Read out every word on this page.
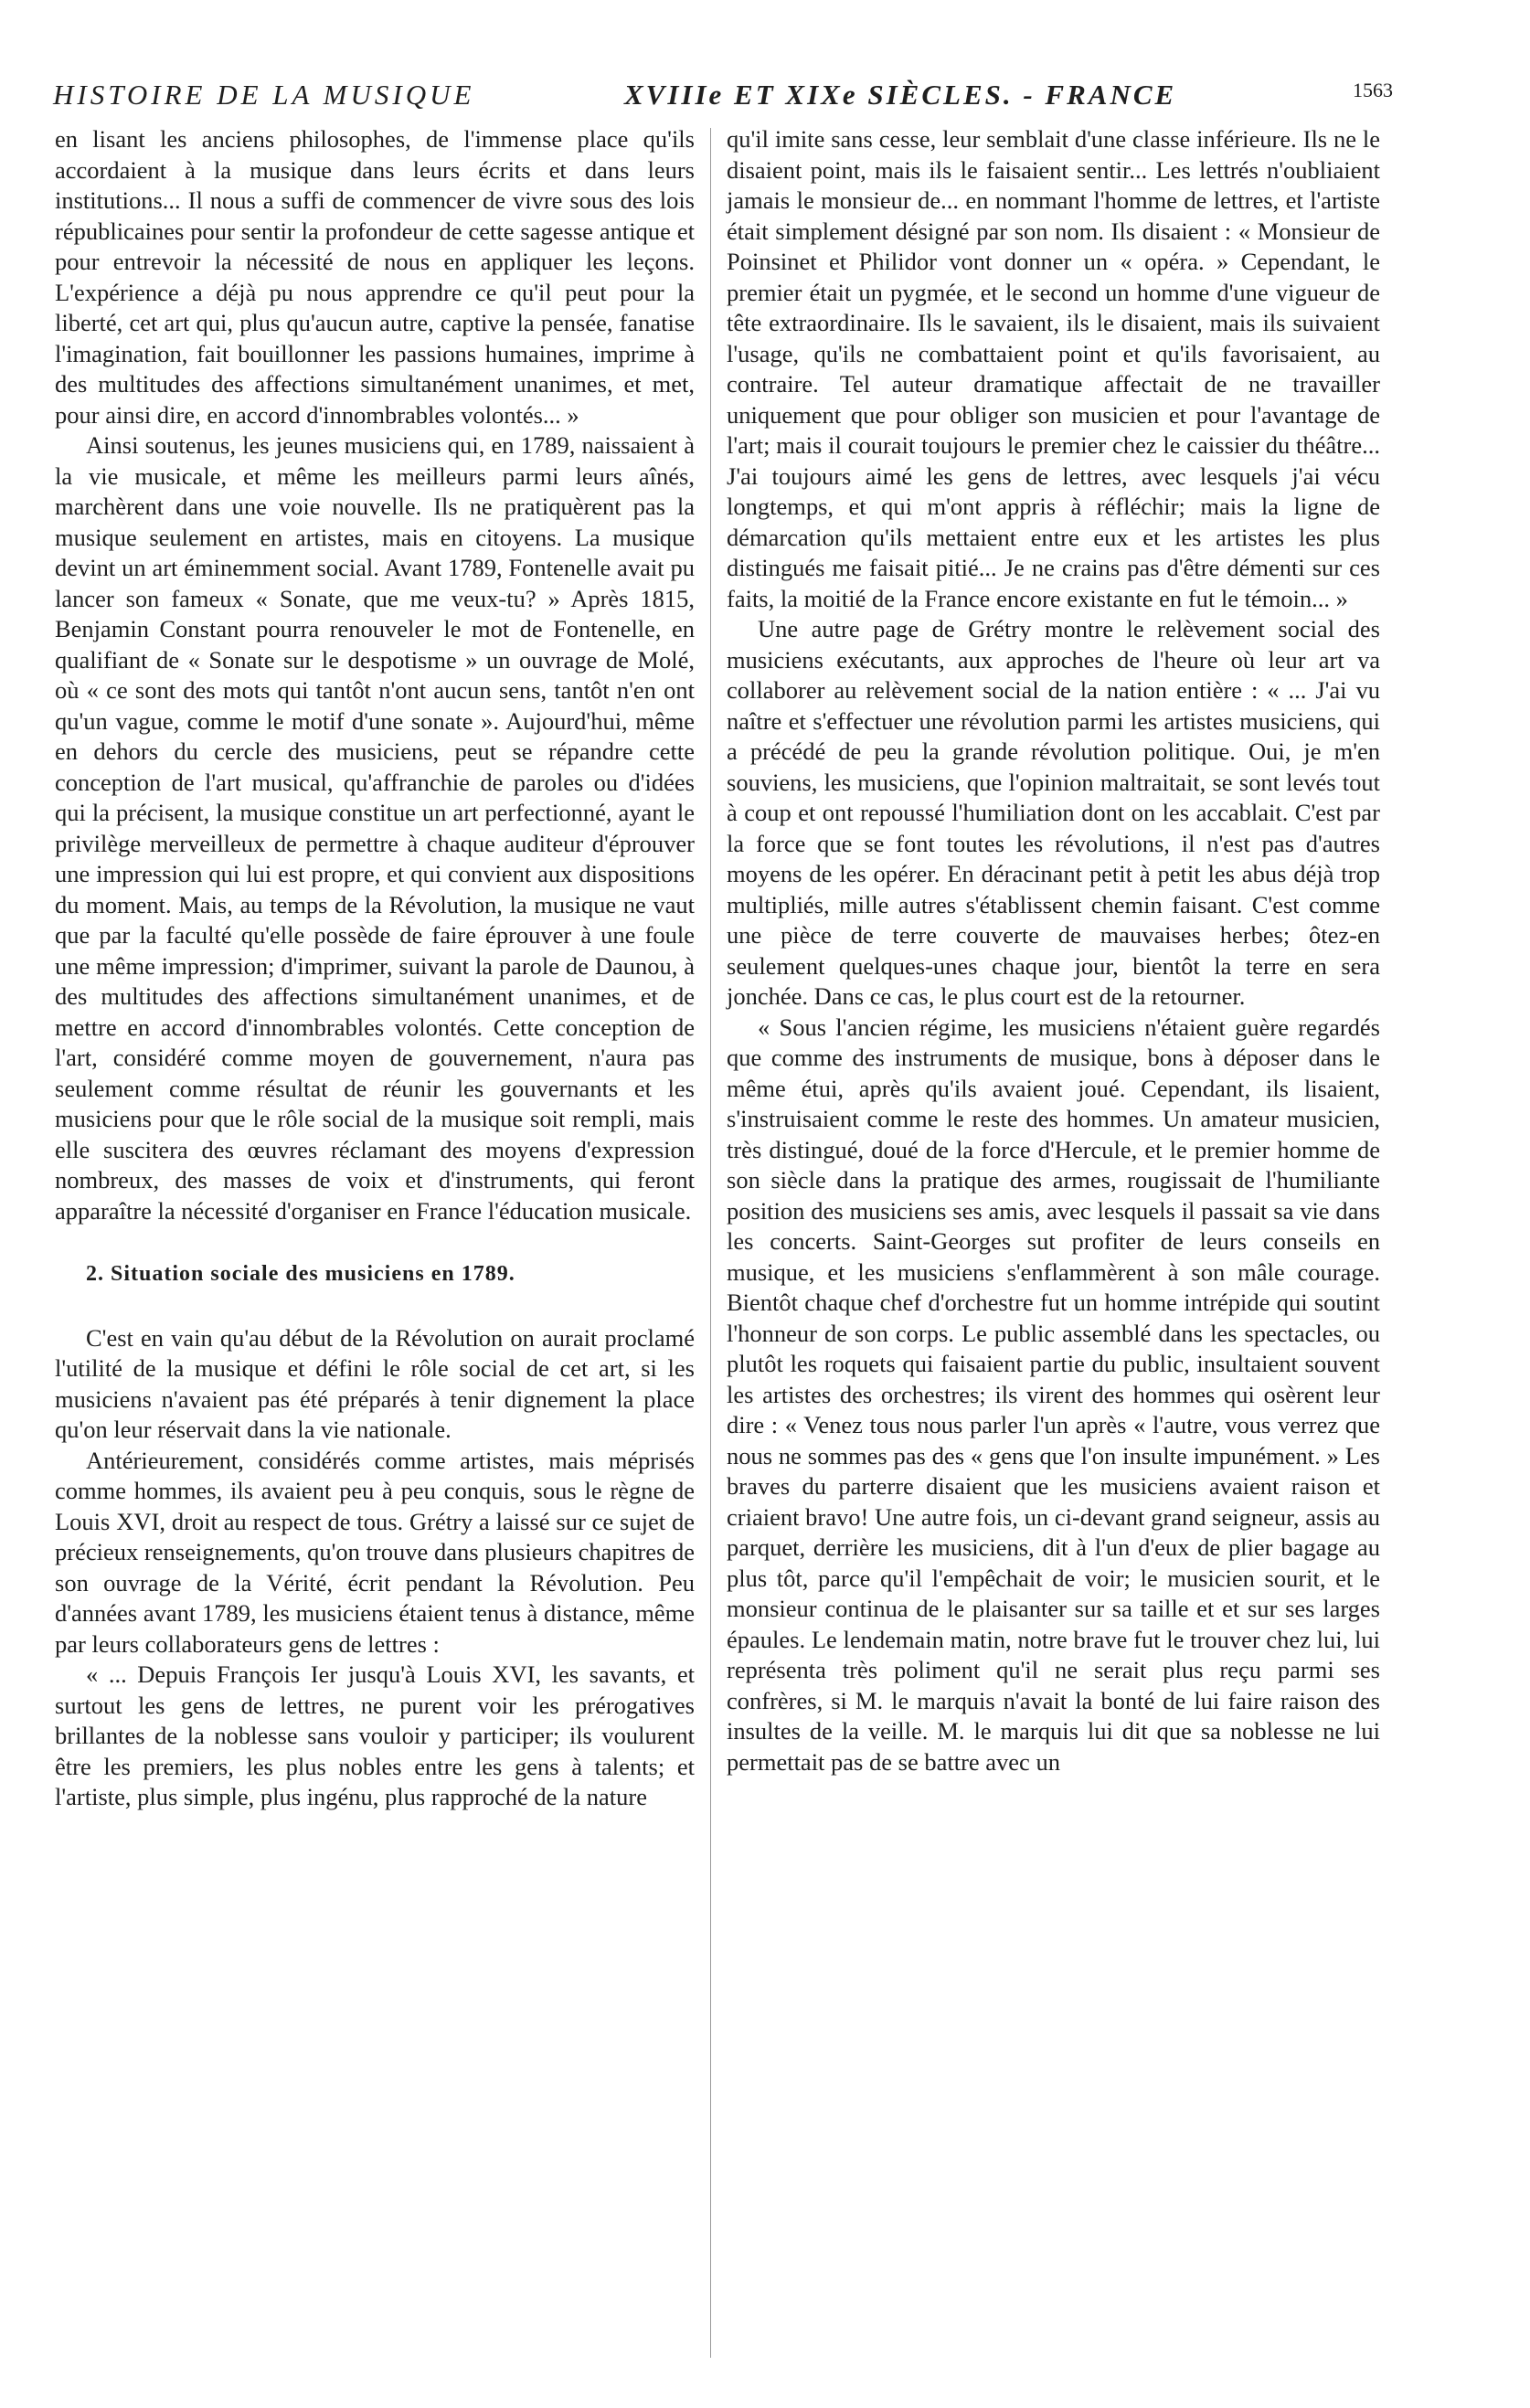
HISTOIRE DE LA MUSIQUE	XVIIIe ET XIXe SIÈCLES. - FRANCE	1563

en lisant les anciens philosophes, de l'immense place qu'ils accordaient à la musique dans leurs écrits et dans leurs institutions... Il nous a suffi de commencer de vivre sous des lois républicaines pour sentir la profondeur de cette sagesse antique et pour entrevoir la nécessité de nous en appliquer les leçons. L'expérience a déjà pu nous apprendre ce qu'il peut pour la liberté, cet art qui, plus qu'aucun autre, captive la pensée, fanatise l'imagination, fait bouillonner les passions humaines, imprime à des multitudes des affections simultanément unanimes, et met, pour ainsi dire, en accord d'innombrables volontés... »

Ainsi soutenus, les jeunes musiciens qui, en 1789, naissaient à la vie musicale, et même les meilleurs parmi leurs aînés, marchèrent dans une voie nouvelle. Ils ne pratiquèrent pas la musique seulement en artistes, mais en citoyens. La musique devint un art éminemment social. Avant 1789, Fontenelle avait pu lancer son fameux « Sonate, que me veux-tu? » Après 1815, Benjamin Constant pourra renouveler le mot de Fontenelle, en qualifiant de « Sonate sur le despotisme » un ouvrage de Molé, où « ce sont des mots qui tantôt n'ont aucun sens, tantôt n'en ont qu'un vague, comme le motif d'une sonate ». Aujourd'hui, même en dehors du cercle des musiciens, peut se répandre cette conception de l'art musical, qu'affranchie de paroles ou d'idées qui la précisent, la musique constitue un art perfectionné, ayant le privilège merveilleux de permettre à chaque auditeur d'éprouver une impression qui lui est propre, et qui convient aux dispositions du moment. Mais, au temps de la Révolution, la musique ne vaut que par la faculté qu'elle possède de faire éprouver à une foule une même impression; d'imprimer, suivant la parole de Daunou, à des multitudes des affections simultanément unanimes, et de mettre en accord d'innombrables volontés. Cette conception de l'art, considéré comme moyen de gouvernement, n'aura pas seulement comme résultat de réunir les gouvernants et les musiciens pour que le rôle social de la musique soit rempli, mais elle suscitera des œuvres réclamant des moyens d'expression nombreux, des masses de voix et d'instruments, qui feront apparaître la nécessité d'organiser en France l'éducation musicale.

2. Situation sociale des musiciens en 1789.

C'est en vain qu'au début de la Révolution on aurait proclamé l'utilité de la musique et défini le rôle social de cet art, si les musiciens n'avaient pas été préparés à tenir dignement la place qu'on leur réservait dans la vie nationale.

Antérieurement, considérés comme artistes, mais méprisés comme hommes, ils avaient peu à peu conquis, sous le règne de Louis XVI, droit au respect de tous. Grétry a laissé sur ce sujet de précieux renseignements, qu'on trouve dans plusieurs chapitres de son ouvrage de la Vérité, écrit pendant la Révolution. Peu d'années avant 1789, les musiciens étaient tenus à distance, même par leurs collaborateurs gens de lettres :

« ... Depuis François Ier jusqu'à Louis XVI, les savants, et surtout les gens de lettres, ne purent voir les prérogatives brillantes de la noblesse sans vouloir y participer; ils voulurent être les premiers, les plus nobles entre les gens à talents; et l'artiste, plus simple, plus ingénu, plus rapproché de la nature

qu'il imite sans cesse, leur semblait d'une classe inférieure. Ils ne le disaient point, mais ils le faisaient sentir... Les lettrés n'oubliaient jamais le monsieur de... en nommant l'homme de lettres, et l'artiste était simplement désigné par son nom. Ils disaient : « Monsieur de Poinsinet et Philidor vont donner un « opéra. » Cependant, le premier était un pygmée, et le second un homme d'une vigueur de tête extraordinaire. Ils le savaient, ils le disaient, mais ils suivaient l'usage, qu'ils ne combattaient point et qu'ils favorisaient, au contraire. Tel auteur dramatique affectait de ne travailler uniquement que pour obliger son musicien et pour l'avantage de l'art; mais il courait toujours le premier chez le caissier du théâtre... J'ai toujours aimé les gens de lettres, avec lesquels j'ai vécu longtemps, et qui m'ont appris à réfléchir; mais la ligne de démarcation qu'ils mettaient entre eux et les artistes les plus distingués me faisait pitié... Je ne crains pas d'être démenti sur ces faits, la moitié de la France encore existante en fut le témoin... »

Une autre page de Grétry montre le relèvement social des musiciens exécutants, aux approches de l'heure où leur art va collaborer au relèvement social de la nation entière : « ... J'ai vu naître et s'effectuer une révolution parmi les artistes musiciens, qui a précédé de peu la grande révolution politique. Oui, je m'en souviens, les musiciens, que l'opinion maltraitait, se sont levés tout à coup et ont repoussé l'humiliation dont on les accablait. C'est par la force que se font toutes les révolutions, il n'est pas d'autres moyens de les opérer. En déracinant petit à petit les abus déjà trop multipliés, mille autres s'établissent chemin faisant. C'est comme une pièce de terre couverte de mauvaises herbes; ôtez-en seulement quelques-unes chaque jour, bientôt la terre en sera jonchée. Dans ce cas, le plus court est de la retourner.

« Sous l'ancien régime, les musiciens n'étaient guère regardés que comme des instruments de musique, bons à déposer dans le même étui, après qu'ils avaient joué. Cependant, ils lisaient, s'instruisaient comme le reste des hommes. Un amateur musicien, très distingué, doué de la force d'Hercule, et le premier homme de son siècle dans la pratique des armes, rougissait de l'humiliante position des musiciens ses amis, avec lesquels il passait sa vie dans les concerts. Saint-Georges sut profiter de leurs conseils en musique, et les musiciens s'enflammèrent à son mâle courage. Bientôt chaque chef d'orchestre fut un homme intrépide qui soutint l'honneur de son corps. Le public assemblé dans les spectacles, ou plutôt les roquets qui faisaient partie du public, insultaient souvent les artistes des orchestres; ils virent des hommes qui osèrent leur dire : « Venez tous nous parler l'un après « l'autre, vous verrez que nous ne sommes pas des « gens que l'on insulte impunément. » Les braves du parterre disaient que les musiciens avaient raison et criaient bravo! Une autre fois, un ci-devant grand seigneur, assis au parquet, derrière les musiciens, dit à l'un d'eux de plier bagage au plus tôt, parce qu'il l'empêchait de voir; le musicien sourit, et le monsieur continua de le plaisanter sur sa taille et et sur ses larges épaules. Le lendemain matin, notre brave fut le trouver chez lui, lui représenta très poliment qu'il ne serait plus reçu parmi ses confrères, si M. le marquis n'avait la bonté de lui faire raison des insultes de la veille. M. le marquis lui dit que sa noblesse ne lui permettait pas de se battre avec un
